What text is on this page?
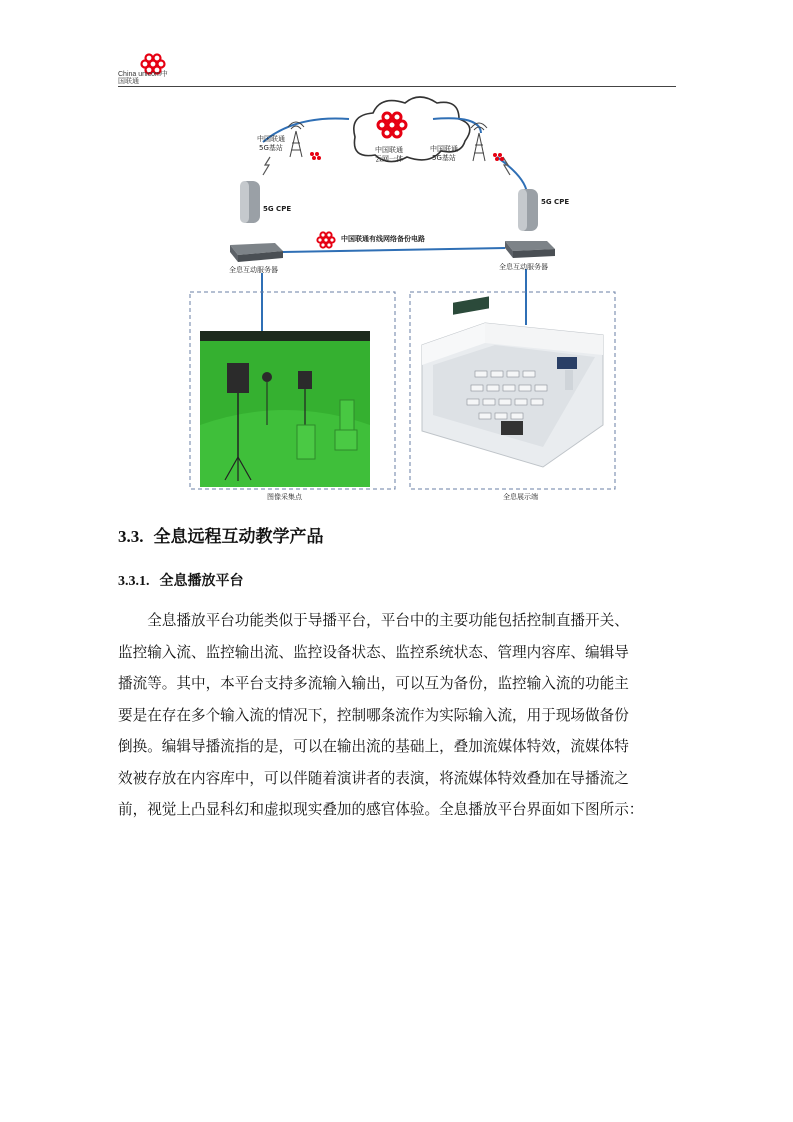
China unicom中国联通
中国联通
5G基站	中国联通
云网一体
中国联通
5G基站
5G CPE
5G CPE
中国联通有线网络备份电路
全息互动服务器	全息互动服务器
图像采集点	全息展示端
3.3. 全息远程互动教学产品
3.3.1. 全息播放平台
　　全息播放平台功能类似于导播平台，平台中的主要功能包括控制直播开关、
监控输入流、监控输出流、监控设备状态、监控系统状态、管理内容库、编辑导
播流等。其中，本平台支持多流输入输出，可以互为备份，监控输入流的功能主
要是在存在多个输入流的情况下，控制哪条流作为实际输入流，用于现场做备份
倒换。编辑导播流指的是，可以在输出流的基础上，叠加流媒体特效，流媒体特
效被存放在内容库中，可以伴随着演讲者的表演，将流媒体特效叠加在导播流之
前，视觉上凸显科幻和虚拟现实叠加的感官体验。全息播放平台界面如下图所示：
